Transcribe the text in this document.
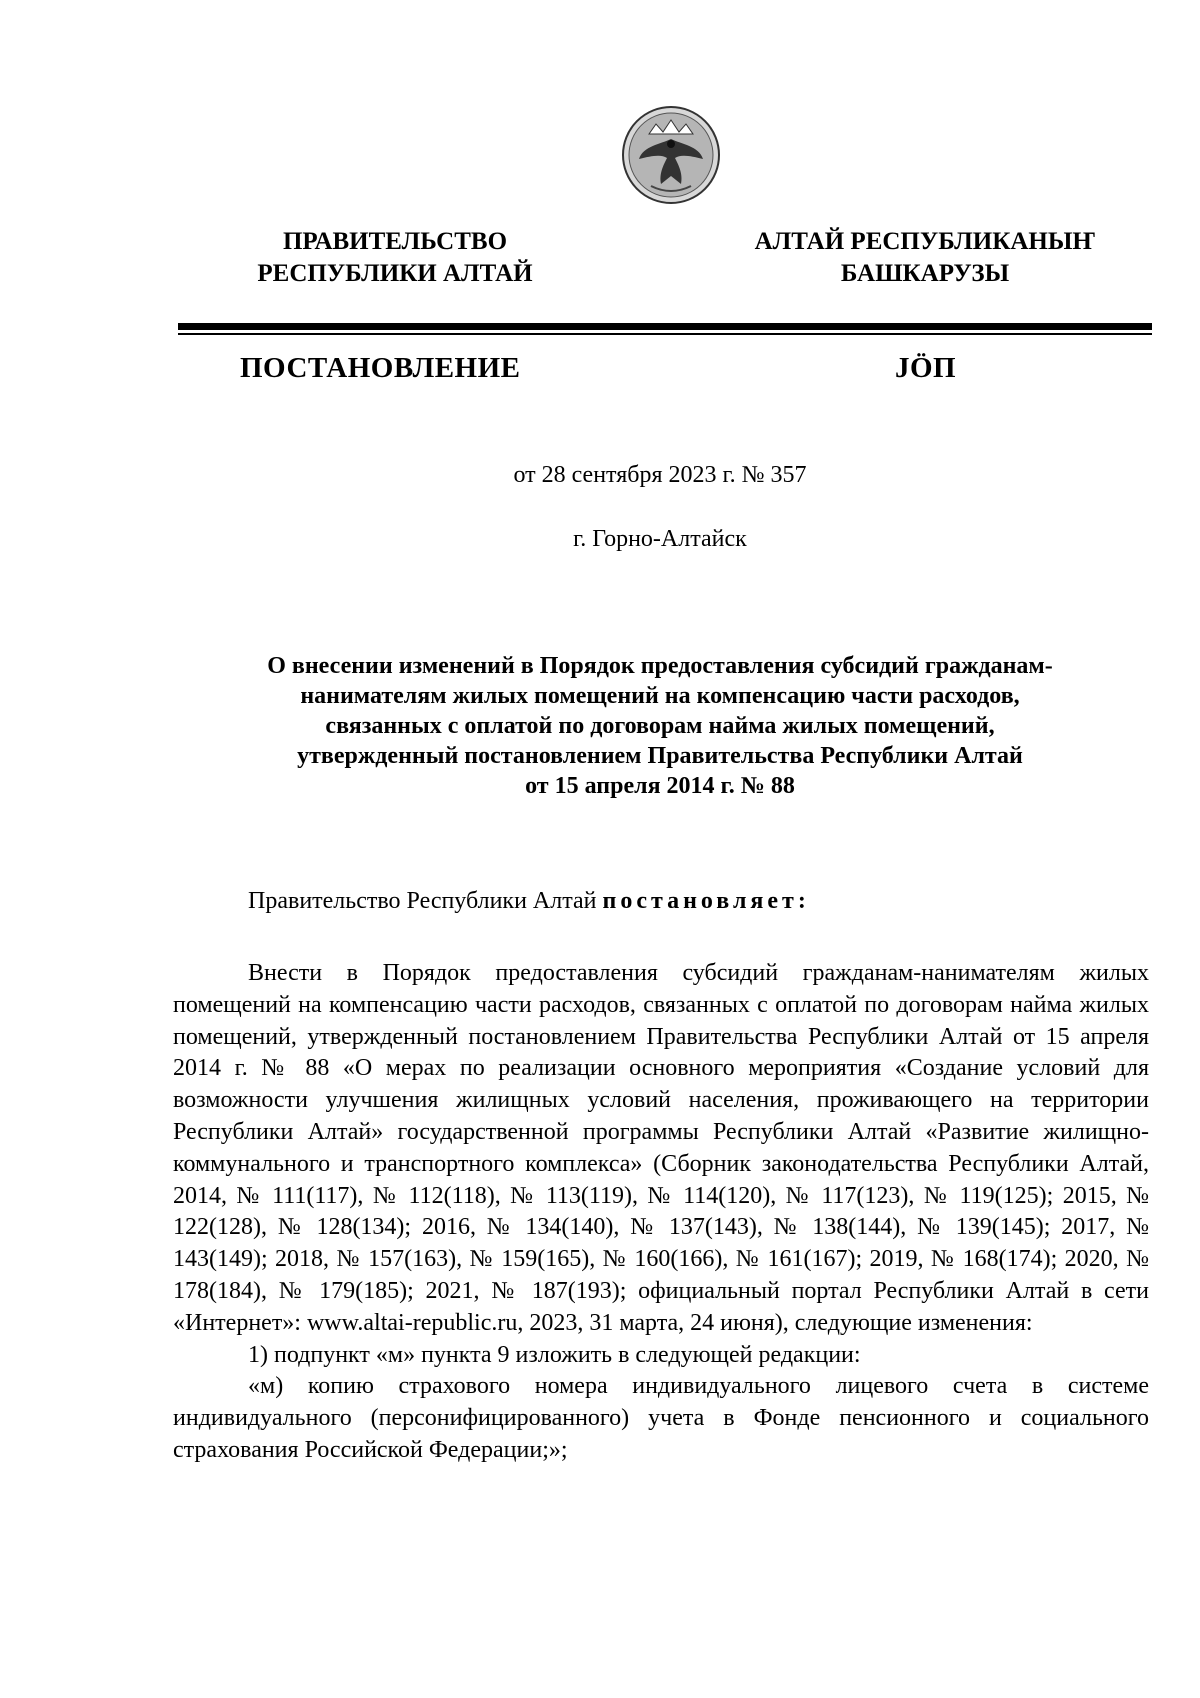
ПРАВИТЕЛЬСТВО
РЕСПУБЛИКИ АЛТАЙ
АЛТАЙ РЕСПУБЛИКАНЫҤ
БАШКАРУЗЫ
ПОСТАНОВЛЕНИЕ	JӦП
от 28 сентября 2023 г. № 357
г. Горно-Алтайск
О внесении изменений в Порядок предоставления субсидий гражданам-
нанимателям жилых помещений на компенсацию части расходов,
связанных с оплатой по договорам найма жилых помещений,
утвержденный постановлением Правительства Республики Алтай
от 15 апреля 2014 г. № 88
Правительство Республики Алтай постановляет:

Внести в Порядок предоставления субсидий гражданам-нанимателям жилых помещений на компенсацию части расходов, связанных с оплатой по договорам найма жилых помещений, утвержденный постановлением Правительства Республики Алтай от 15 апреля 2014 г. № 88 «О мерах по реализации основного мероприятия «Создание условий для возможности улучшения жилищных условий населения, проживающего на территории Республики Алтай» государственной программы Республики Алтай «Развитие жилищно-коммунального и транспортного комплекса» (Сборник законодательства Республики Алтай, 2014, № 111(117), № 112(118), № 113(119), № 114(120), № 117(123), № 119(125); 2015, № 122(128), № 128(134); 2016, № 134(140), № 137(143), № 138(144), № 139(145); 2017, № 143(149); 2018, № 157(163), № 159(165), № 160(166), № 161(167); 2019, № 168(174); 2020, № 178(184), № 179(185); 2021, № 187(193); официальный портал Республики Алтай в сети «Интернет»: www.altai-republic.ru, 2023, 31 марта, 24 июня), следующие изменения:

1) подпункт «м» пункта 9 изложить в следующей редакции:

«м) копию страхового номера индивидуального лицевого счета в системе индивидуального (персонифицированного) учета в Фонде пенсионного и социального страхования Российской Федерации;»;
